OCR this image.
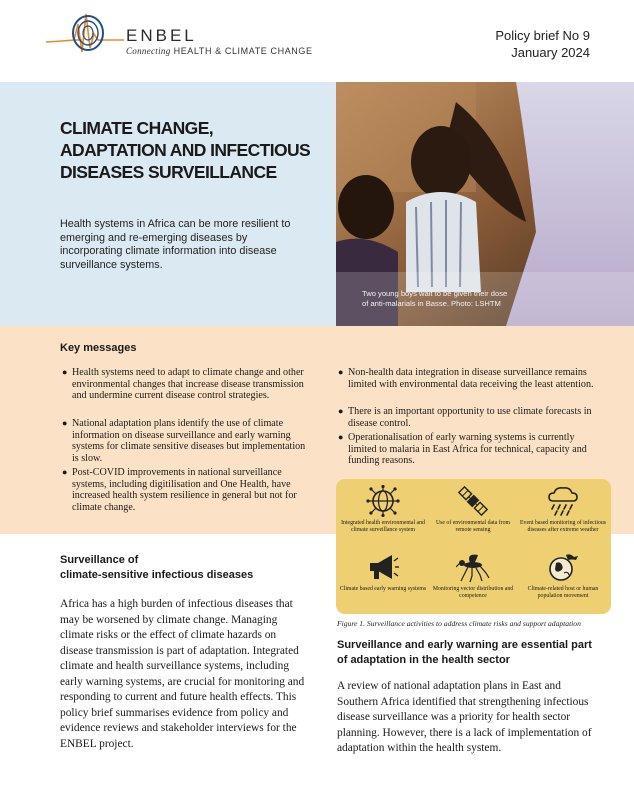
ENBEL
Connecting HEALTH & CLIMATE CHANGE
Policy brief No 9
January 2024
CLIMATE CHANGE,
ADAPTATION AND INFECTIOUS
DISEASES SURVEILLANCE
Health systems in Africa can be more resilient to emerging and re-emerging diseases by incorporating climate information into disease surveillance systems.
Two young boys wait to be given their dose
of anti-malarials in Basse. Photo: LSHTM
Key messages
● Health systems need to adapt to climate change and other environmental changes that increase disease transmission and undermine current disease control strategies.
● National adaptation plans identify the use of climate information on disease surveillance and early warning systems for climate sensitive diseases but implementation is slow.
● Post-COVID improvements in national surveillance systems, including digitilisation and One Health, have increased health system resilience in general but not for climate change.
● Non-health data integration in disease surveillance remains limited with environmental data receiving the least attention.
● There is an important opportunity to use climate forecasts in disease control.
● Operationalisation of early warning systems is currently limited to malaria in East Africa for technical, capacity and funding reasons.
Integrated health environmental and climate surveillance system
Use of environmental data from remote sensing
Event based monitoring of infectious diseases after extreme weather
Climate based early warning systems	Monitoring vector distribution and competence
Climate-related host or human population movement
Figure 1. Surveillance activities to address climate risks and support adaptation
Surveillance of
climate-sensitive infectious diseases
Africa has a high burden of infectious diseases that may be worsened by climate change. Managing climate risks or the effect of climate hazards on disease transmission is part of adaptation. Integrated climate and health surveillance systems, including early warning systems, are crucial for monitoring and responding to current and future health effects. This policy brief summarises evidence from policy and evidence reviews and stakeholder interviews for the ENBEL project.
Surveillance and early warning are essential part of adaptation in the health sector
A review of national adaptation plans in East and Southern Africa identified that strengthening infectious disease surveillance was a priority for health sector planning. However, there is a lack of implementation of adaptation within the health system.
